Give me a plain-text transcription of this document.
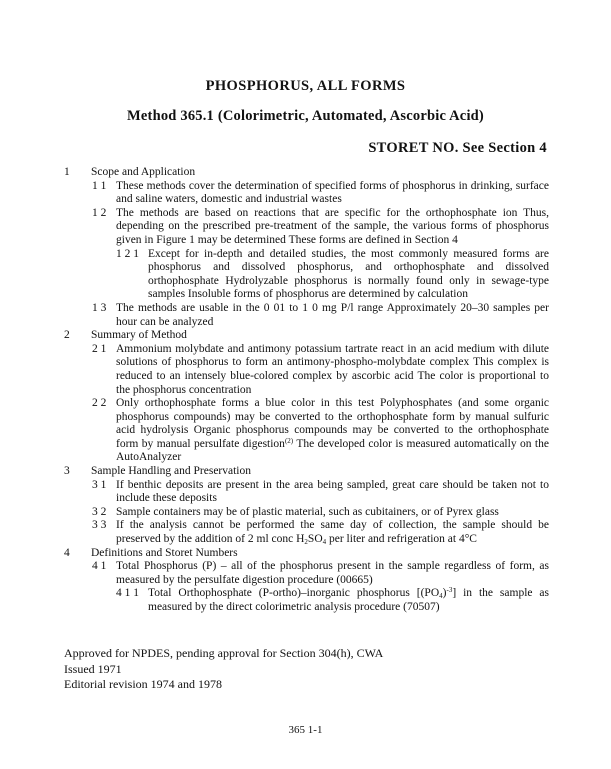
PHOSPHORUS, ALL FORMS
Method 365.1 (Colorimetric, Automated, Ascorbic Acid)
STORET NO. See Section 4
1 Scope and Application
1 1 These methods cover the determination of specified forms of phosphorus in drinking, surface and saline waters, domestic and industrial wastes
1 2 The methods are based on reactions that are specific for the orthophosphate ion Thus, depending on the prescribed pre-treatment of the sample, the various forms of phosphorus given in Figure 1 may be determined These forms are defined in Section 4
1 2 1 Except for in-depth and detailed studies, the most commonly measured forms are phosphorus and dissolved phosphorus, and orthophosphate and dissolved orthophosphate Hydrolyzable phosphorus is normally found only in sewage-type samples Insoluble forms of phosphorus are determined by calculation
1 3 The methods are usable in the 0 01 to 1 0 mg P/l range Approximately 20–30 samples per hour can be analyzed
2 Summary of Method
2 1 Ammonium molybdate and antimony potassium tartrate react in an acid medium with dilute solutions of phosphorus to form an antimony-phospho-molybdate complex This complex is reduced to an intensely blue-colored complex by ascorbic acid The color is proportional to the phosphorus concentration
2 2 Only orthophosphate forms a blue color in this test Polyphosphates (and some organic phosphorus compounds) may be converted to the orthophosphate form by manual sulfuric acid hydrolysis Organic phosphorus compounds may be converted to the orthophosphate form by manual persulfate digestion$^{(2)}$ The developed color is measured automatically on the AutoAnalyzer
3 Sample Handling and Preservation
3 1 If benthic deposits are present in the area being sampled, great care should be taken not to include these deposits
3 2 Sample containers may be of plastic material, such as cubitainers, or of Pyrex glass
3 3 If the analysis cannot be performed the same day of collection, the sample should be preserved by the addition of 2 ml conc $H_2SO_4$ per liter and refrigeration at 4°C
4 Definitions and Storet Numbers
4 1 Total Phosphorus (P) – all of the phosphorus present in the sample regardless of form, as measured by the persulfate digestion procedure (00665)
4 1 1 Total Orthophosphate (P-ortho)–inorganic phosphorus $[(PO_4)^{-3}]$ in the sample as measured by the direct colorimetric analysis procedure (70507)
Approved for NPDES, pending approval for Section 304(h), CWA
Issued 1971
Editorial revision 1974 and 1978
365 1-1
